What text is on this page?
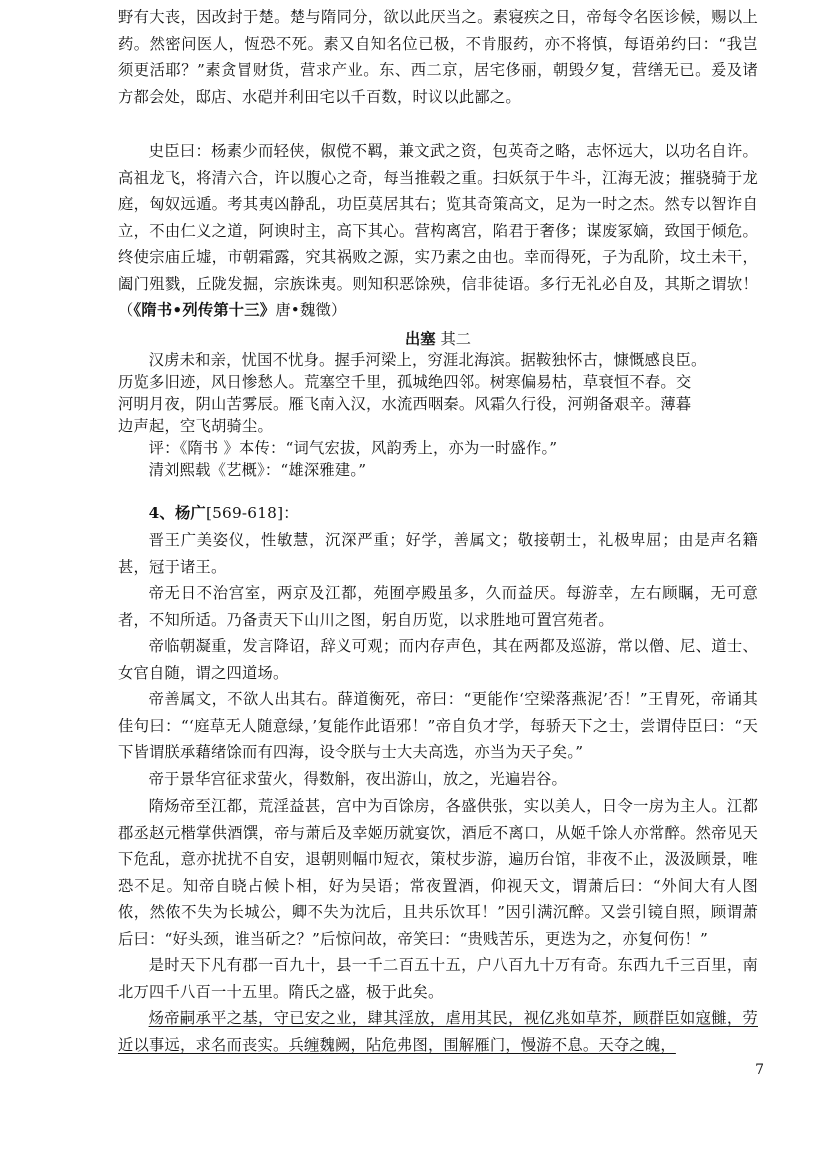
野有大丧，因改封于楚。楚与隋同分，欲以此厌当之。素寝疾之日，帝每令名医诊候，赐以上药。然密问医人，恆恐不死。素又自知名位已极，不肯服药，亦不将慎，每语弟约曰：“我岂须更活耶？”素贪冒财货，营求产业。东、西二京，居宅侈丽，朝毁夕复，营缮无已。爰及诸方都会处，邸店、水硙并利田宅以千百数，时议以此鄙之。

史臣曰：杨素少而轻侠，俶傥不羁，兼文武之资，包英奇之略，志怀远大，以功名自许。高祖龙飞，将清六合，许以腹心之奇，每当推毂之重。扫妖氛于牛斗，江海无波；摧骁骑于龙庭，匈奴远遁。考其夷凶静乱，功臣莫居其右；览其奇策高文，足为一时之杰。然专以智诈自立，不由仁义之道，阿谀时主，高下其心。营构离宫，陷君于奢侈；谋废冢嫡，致国于倾危。终使宗庙丘墟，市朝霜露，究其祸败之源，实乃素之由也。幸而得死，子为乱阶，坟土未干，阖门殂戮，丘陇发掘，宗族诛夷。则知积恶馀殃，信非徒语。多行无礼必自及，其斯之谓欤！（《隋书•列传第十三》唐•魏徵）

出塞 其二

汉虏未和亲，忧国不忧身。握手河梁上，穷涯北海滨。据鞍独怀古，慷慨感良臣。

历览多旧迹，风日惨愁人。荒塞空千里，孤城绝四邻。树寒偏易枯，草衰恒不春。交

河明月夜，阴山苦雾辰。雁飞南入汉，水流西咽秦。风霜久行役，河朔备艰辛。薄暮

边声起，空飞胡骑尘。

评：《隋书 》本传：“词气宏拔，风韵秀上，亦为一时盛作。”

清刘熙载《艺概》：“雄深雅建。”

4、杨广[569-618]：

晋王广美姿仪，性敏慧，沉深严重；好学，善属文；敬接朝士，礼极卑屈；由是声名籍甚，冠于诸王。

帝无日不治宫室，两京及江都，苑囿亭殿虽多，久而益厌。每游幸，左右顾瞩，无可意者，不知所适。乃备责天下山川之图，躬自历览，以求胜地可置宫苑者。

帝临朝凝重，发言降诏，辞义可观；而内存声色，其在两都及巡游，常以僧、尼、道士、女官自随，谓之四道场。

帝善属文，不欲人出其右。薛道衡死，帝曰：“更能作‘空梁落燕泥’否！”王胄死，帝诵其佳句曰：“‘庭草无人随意绿，’复能作此语邪！”帝自负才学，每骄天下之士，尝谓侍臣曰：“天下皆谓朕承藉绪馀而有四海，设令朕与士大夫高选，亦当为天子矣。”

帝于景华宫征求萤火，得数斛，夜出游山，放之，光遍岩谷。

隋炀帝至江都，荒淫益甚，宫中为百馀房，各盛供张，实以美人，日令一房为主人。江都郡丞赵元楷掌供酒馔，帝与萧后及幸姬历就宴饮，酒卮不离口，从姬千馀人亦常醉。然帝见天下危乱，意亦扰扰不自安，退朝则幅巾短衣，策杖步游，遍历台馆，非夜不止，汲汲顾景，唯恐不足。知帝自晓占候卜相，好为吴语；常夜置酒，仰视天文，谓萧后曰：“外间大有人图侬，然侬不失为长城公，卿不失为沈后，且共乐饮耳！”因引满沉醉。又尝引镜自照，顾谓萧后曰：“好头颈，谁当斫之？”后惊问故，帝笑曰：“贵贱苦乐，更迭为之，亦复何伤！”

是时天下凡有郡一百九十，县一千二百五十五，户八百九十万有奇。东西九千三百里，南北万四千八百一十五里。隋氏之盛，极于此矣。

炀帝嗣承平之基，守已安之业，肆其淫放，虐用其民，视亿兆如草芥，顾群臣如寇雠，劳近以事远，求名而丧实。兵缠魏阙，阽危弗图，围解雁门，慢游不息。天夺之魄，

7
